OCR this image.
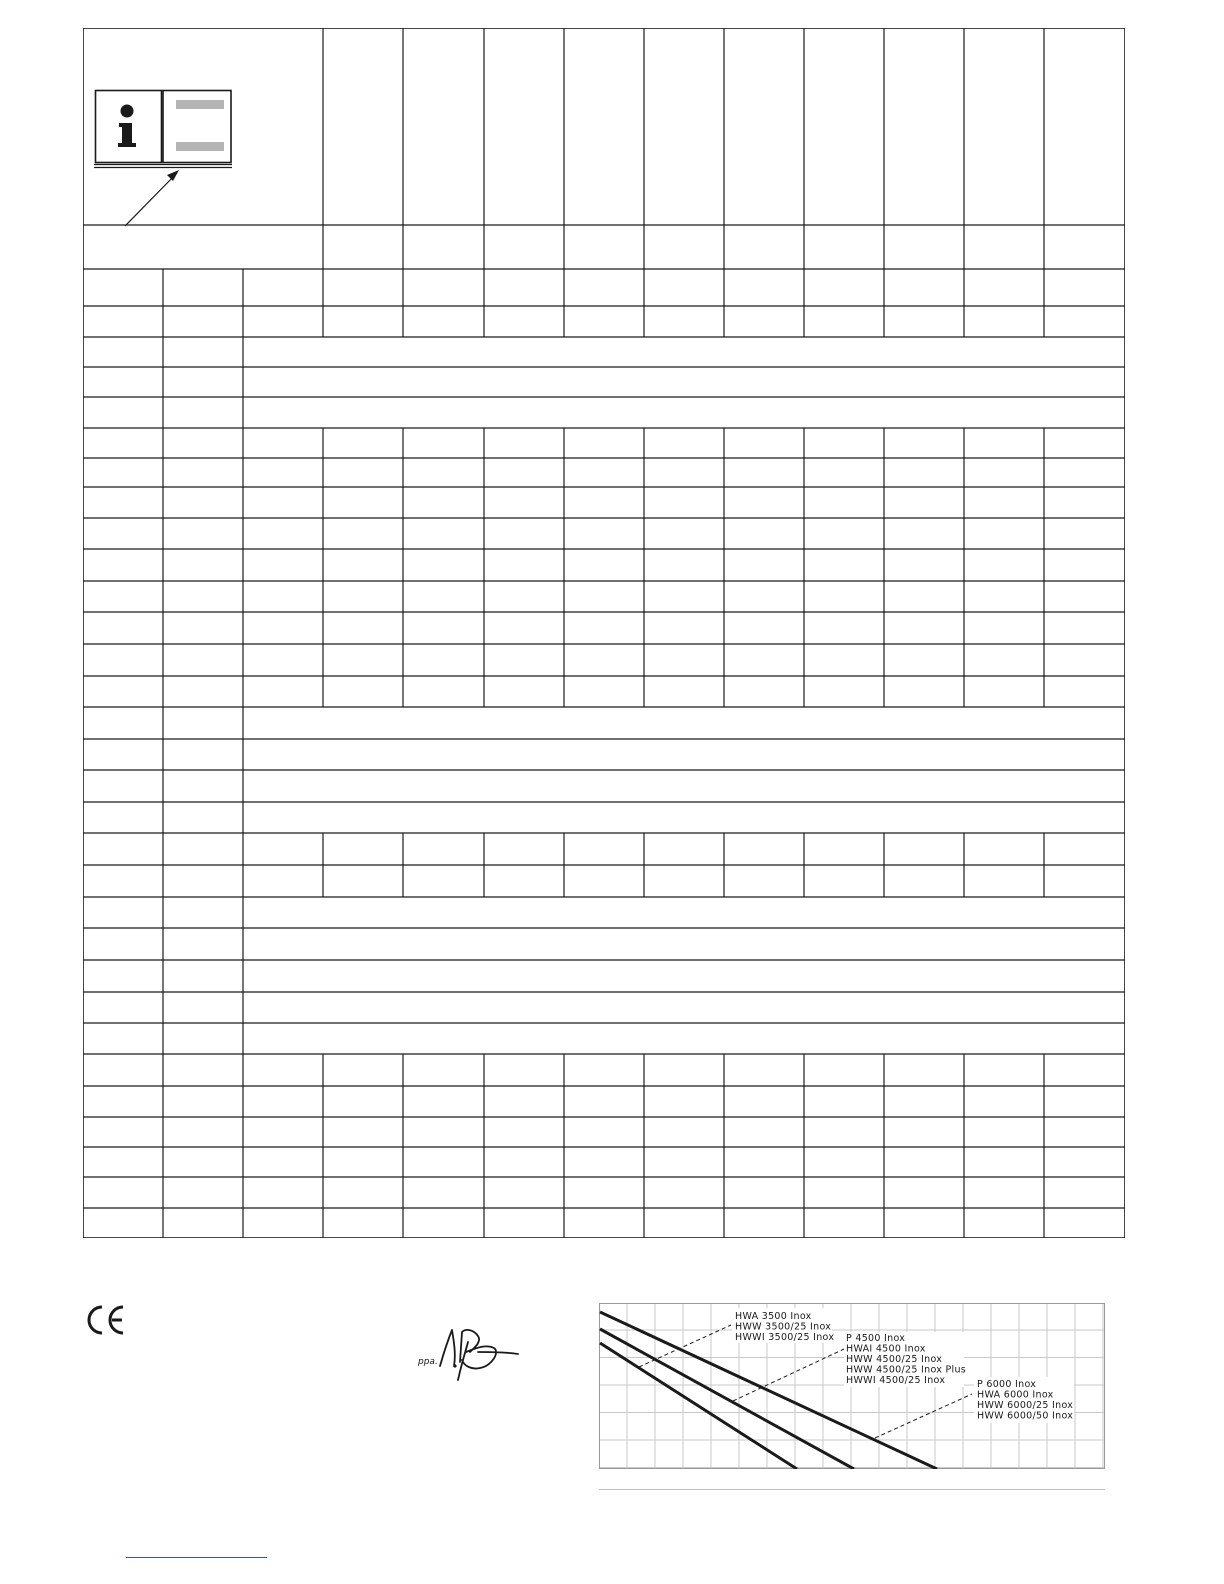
ppa.
HWA 3500 Inox
HWW 3500/25 Inox
HWWI 3500/25 Inox P 4500 Inox
HWAI 4500 Inox
HWW 4500/25 Inox
HWW 4500/25 Inox Plus
HWWI 4500/25 Inox	P 6000 Inox
HWA 6000 Inox
HWW 6000/25 Inox
HWW 6000/50 Inox
